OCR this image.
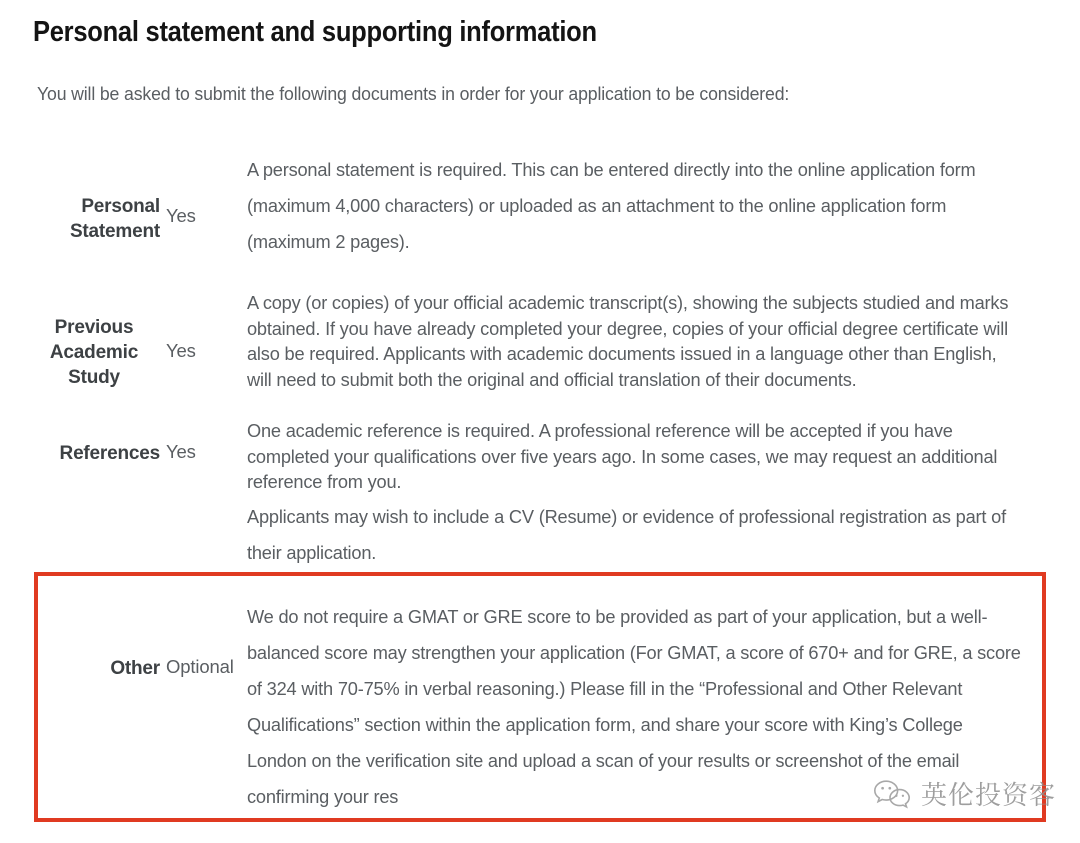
Personal statement and supporting information
You will be asked to submit the following documents in order for your application to be considered:
Personal Statement
Yes
A personal statement is required. This can be entered directly into the online application form (maximum 4,000 characters) or uploaded as an attachment to the online application form (maximum 2 pages).
Previous Academic Study
Yes
A copy (or copies) of your official academic transcript(s), showing the subjects studied and marks obtained. If you have already completed your degree, copies of your official degree certificate will also be required. Applicants with academic documents issued in a language other than English, will need to submit both the original and official translation of their documents.
References Yes
One academic reference is required. A professional reference will be accepted if you have completed your qualifications over five years ago. In some cases, we may request an additional reference from you.
Applicants may wish to include a CV (Resume) or evidence of professional registration as part of their application.
Other Optional
We do not require a GMAT or GRE score to be provided as part of your application, but a well-balanced score may strengthen your application (For GMAT, a score of 670+ and for GRE, a score of 324 with 70-75% in verbal reasoning.) Please fill in the “Professional and Other Relevant Qualifications” section within the application form, and share your score with King’s College London on the verification site and upload a scan of your results or screenshot of the email confirming your res	英伦投资客
